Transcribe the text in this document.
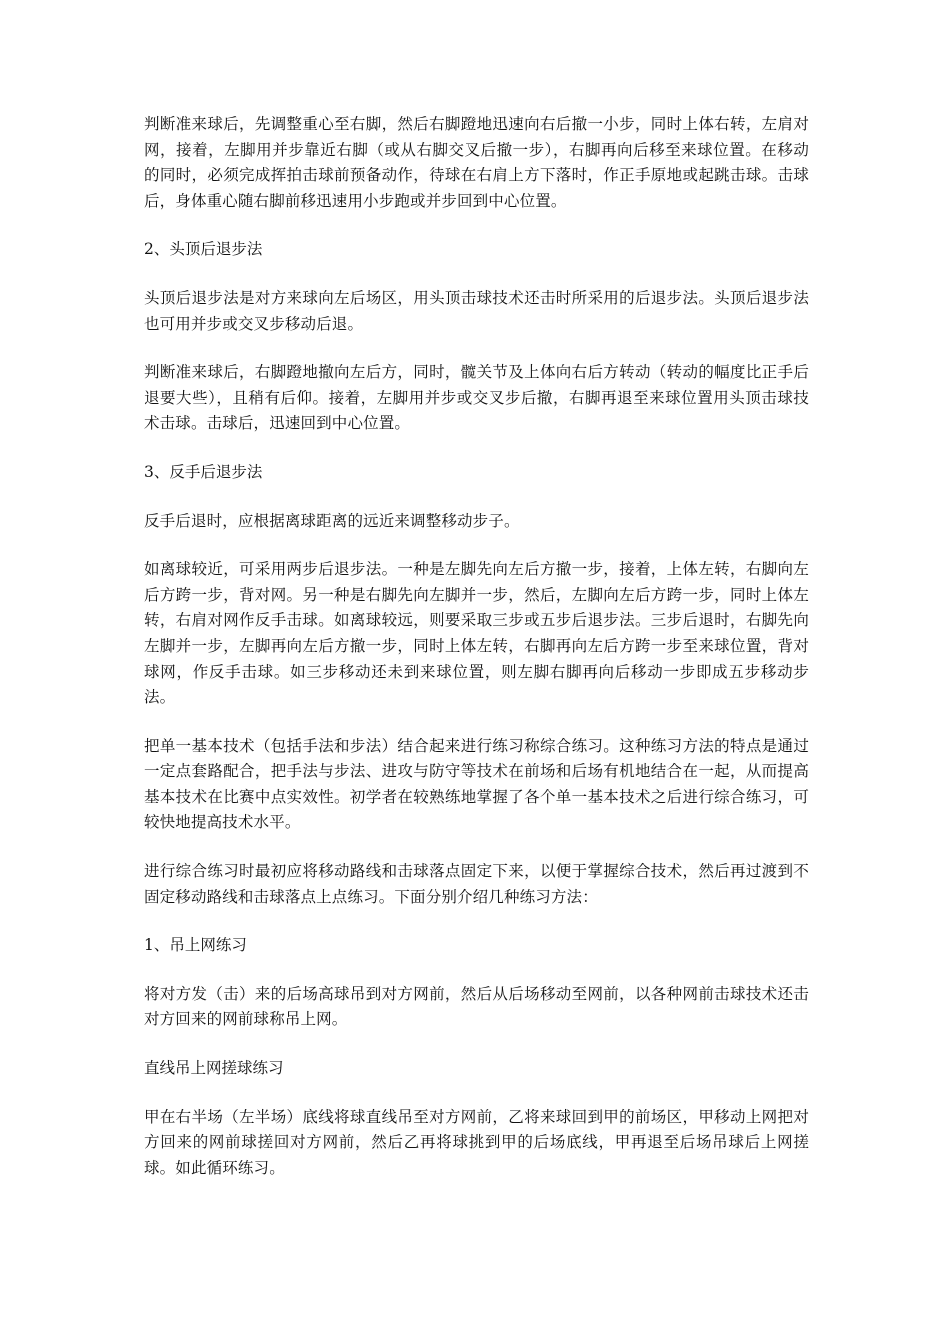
判断准来球后，先调整重心至右脚，然后右脚蹬地迅速向右后撤一小步，同时上体右转，左肩对网，接着，左脚用并步靠近右脚（或从右脚交叉后撤一步），右脚再向后移至来球位置。在移动的同时，必须完成挥拍击球前预备动作，待球在右肩上方下落时，作正手原地或起跳击球。击球后，身体重心随右脚前移迅速用小步跑或并步回到中心位置。

2、头顶后退步法

头顶后退步法是对方来球向左后场区，用头顶击球技术还击时所采用的后退步法。头顶后退步法也可用并步或交叉步移动后退。

判断准来球后，右脚蹬地撤向左后方，同时，髋关节及上体向右后方转动（转动的幅度比正手后退要大些），且稍有后仰。接着，左脚用并步或交叉步后撤，右脚再退至来球位置用头顶击球技术击球。击球后，迅速回到中心位置。

3、反手后退步法

反手后退时，应根据离球距离的远近来调整移动步子。

如离球较近，可采用两步后退步法。一种是左脚先向左后方撤一步，接着，上体左转，右脚向左后方跨一步，背对网。另一种是右脚先向左脚并一步，然后，左脚向左后方跨一步，同时上体左转，右肩对网作反手击球。如离球较远，则要采取三步或五步后退步法。三步后退时，右脚先向左脚并一步，左脚再向左后方撤一步，同时上体左转，右脚再向左后方跨一步至来球位置，背对球网，作反手击球。如三步移动还未到来球位置，则左脚右脚再向后移动一步即成五步移动步法。

把单一基本技术（包括手法和步法）结合起来进行练习称综合练习。这种练习方法的特点是通过一定点套路配合，把手法与步法、进攻与防守等技术在前场和后场有机地结合在一起，从而提高基本技术在比赛中点实效性。初学者在较熟练地掌握了各个单一基本技术之后进行综合练习，可较快地提高技术水平。

进行综合练习时最初应将移动路线和击球落点固定下来，以便于掌握综合技术，然后再过渡到不固定移动路线和击球落点上点练习。下面分别介绍几种练习方法：

1、吊上网练习

将对方发（击）来的后场高球吊到对方网前，然后从后场移动至网前，以各种网前击球技术还击对方回来的网前球称吊上网。

直线吊上网搓球练习

甲在右半场（左半场）底线将球直线吊至对方网前，乙将来球回到甲的前场区，甲移动上网把对方回来的网前球搓回对方网前，然后乙再将球挑到甲的后场底线，甲再退至后场吊球后上网搓球。如此循环练习。
